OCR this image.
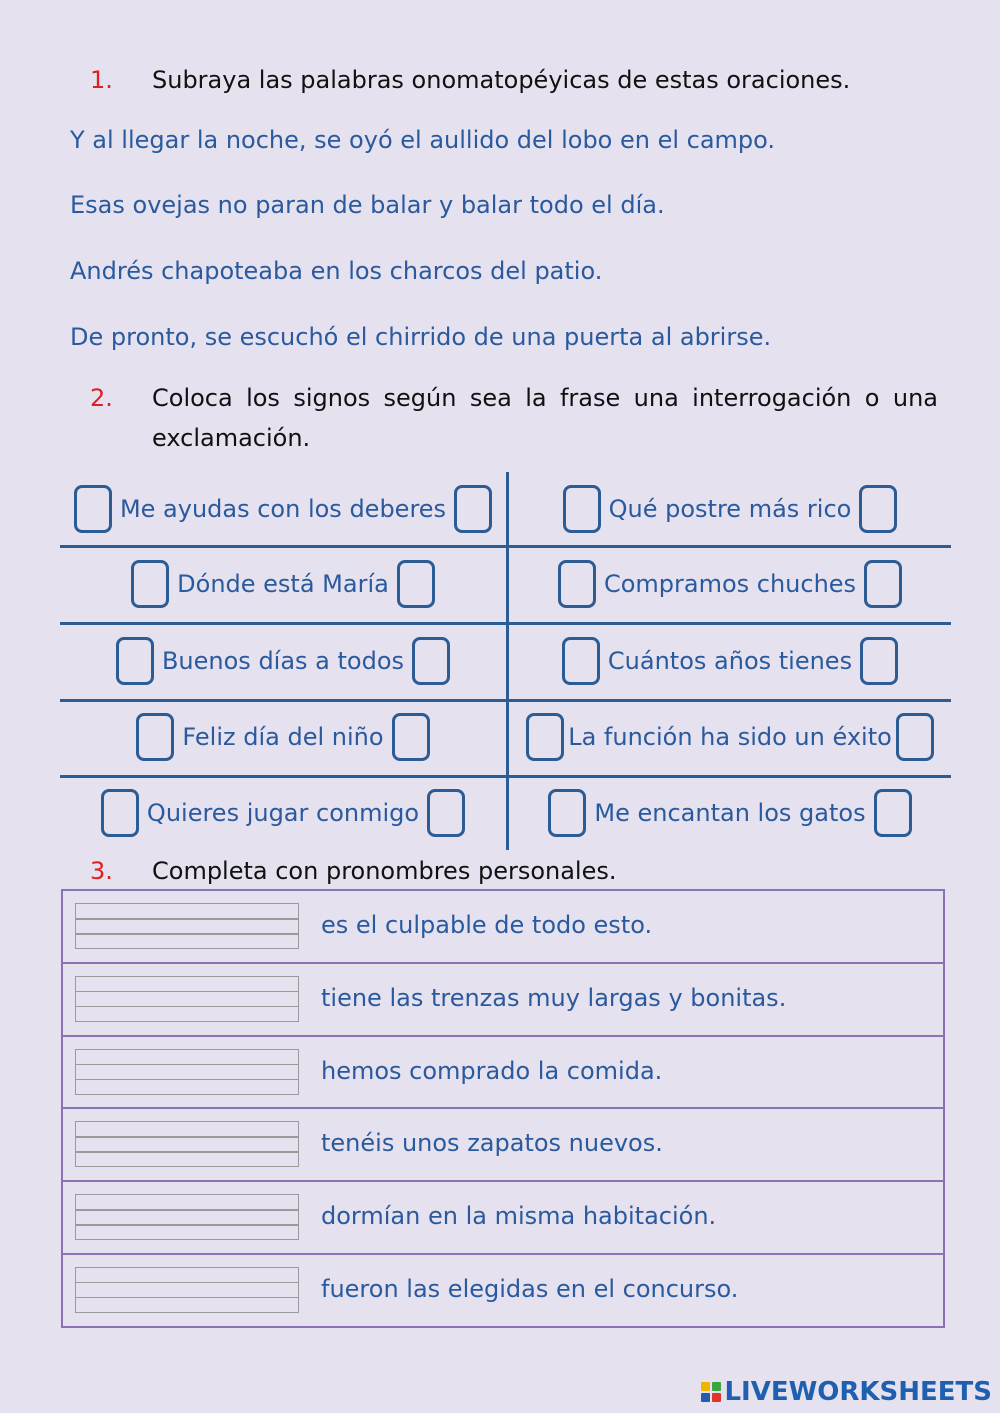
1. Subraya las palabras onomatopéyicas de estas oraciones.
Y al llegar la noche, se oyó el aullido del lobo en el campo.
Esas ovejas no paran de balar y balar todo el día.
Andrés chapoteaba en los charcos del patio.
De pronto, se escuchó el chirrido de una puerta al abrirse.
2.	Coloca los signos según sea la frase una interrogación o una exclamación.
Me ayudas con los deberes	Qué postre más rico
Dónde está María	Compramos chuches
Buenos días a todos	Cuántos años tienes
Feliz día del niño	La función ha sido un éxito
Quieres jugar conmigo	Me encantan los gatos
3. Completa con pronombres personales.
es el culpable de todo esto.
tiene las trenzas muy largas y bonitas.
hemos comprado la comida.
tenéis unos zapatos nuevos.
dormían en la misma habitación.
fueron las elegidas en el concurso.
LIVEWORKSHEETS
